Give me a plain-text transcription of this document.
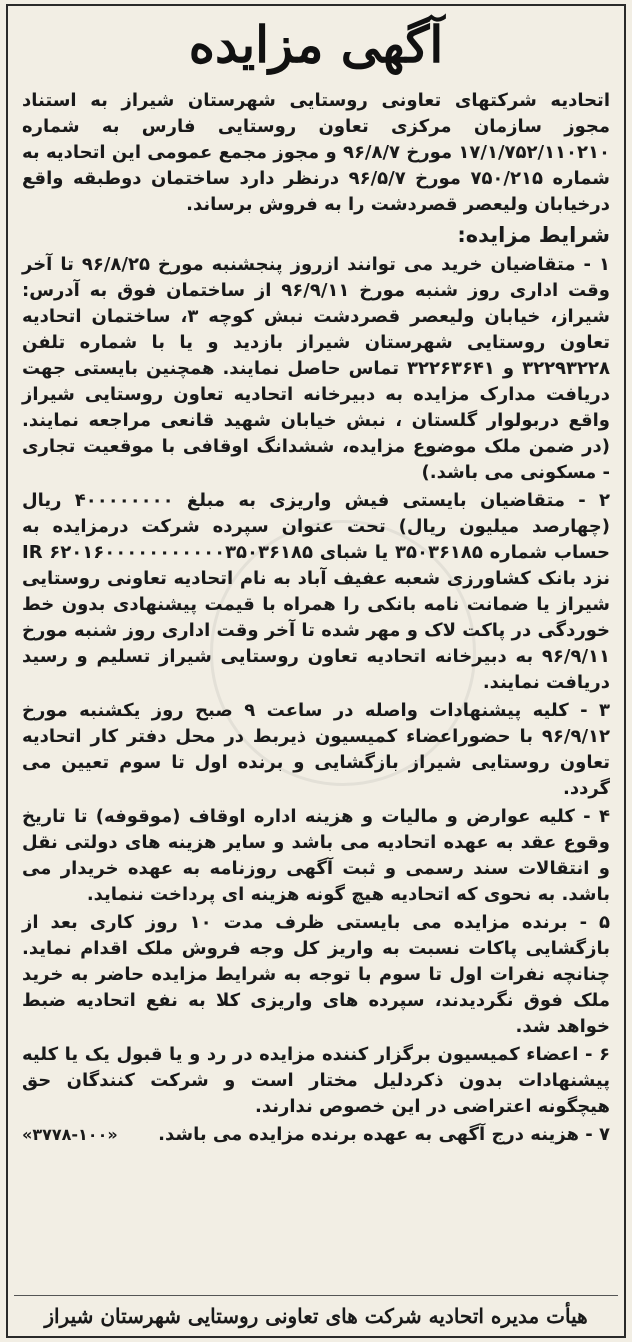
آگهی مزایده

اتحادیه شرکتهای تعاونی روستایی شهرستان شیراز به استناد مجوز سازمان مرکزی تعاون روستایی فارس به شماره ۱۷/۱/۷۵۲/۱۱۰۲۱۰ مورخ ۹۶/۸/۷ و مجوز مجمع عمومی این اتحادیه به شماره ۷۵۰/۲۱۵ مورخ ۹۶/۵/۷ درنظر دارد ساختمان دوطبقه واقع درخیابان ولیعصر قصردشت را به فروش برساند.

شرایط مزایده:

۱ - متقاضیان خرید می توانند ازروز پنجشنبه مورخ ۹۶/۸/۲۵ تا آخر وقت اداری روز شنبه مورخ ۹۶/۹/۱۱ از ساختمان فوق به آدرس: شیراز، خیابان ولیعصر قصردشت نبش کوچه ۳، ساختمان اتحادیه تعاون روستایی شهرستان شیراز بازدید و یا با شماره تلفن ۳۲۲۹۳۲۲۸ و ۳۲۲۶۳۶۴۱ تماس حاصل نمایند. همچنین بایستی جهت دریافت مدارک مزایده به دبیرخانه اتحادیه تعاون روستایی شیراز واقع دربولوار گلستان ، نبش خیابان شهید قانعی مراجعه نمایند. (در ضمن ملک موضوع مزایده، ششدانگ اوقافی با موقعیت تجاری - مسکونی می باشد.)

۲ - متقاضیان بایستی فیش واریزی به مبلغ ۴۰۰۰۰۰۰۰۰ ریال (چهارصد میلیون ریال) تحت عنوان سپرده شرکت درمزایده به حساب شماره ۳۵۰۳۶۱۸۵ یا شبای IR ۶۲۰۱۶۰۰۰۰۰۰۰۰۰۰۰۳۵۰۳۶۱۸۵ نزد بانک کشاورزی شعبه عفیف آباد به نام اتحادیه تعاونی روستایی شیراز یا ضمانت نامه بانکی را همراه با قیمت پیشنهادی بدون خط خوردگی در پاکت لاک و مهر شده تا آخر وقت اداری روز شنبه مورخ ۹۶/۹/۱۱ به دبیرخانه اتحادیه تعاون روستایی شیراز تسلیم و رسید دریافت نمایند.

۳ - کلیه پیشنهادات واصله در ساعت ۹ صبح روز یکشنبه مورخ ۹۶/۹/۱۲ با حضوراعضاء کمیسیون ذیربط در محل دفتر کار اتحادیه تعاون روستایی شیراز بازگشایی و برنده اول تا سوم تعیین می گردد.

۴ - کلیه عوارض و مالیات و هزینه اداره اوقاف (موقوفه) تا تاریخ وقوع عقد به عهده اتحادیه می باشد و سایر هزینه های دولتی نقل و انتقالات سند رسمی و ثبت آگهی روزنامه به عهده خریدار می باشد. به نحوی که اتحادیه هیچ گونه هزینه ای پرداخت ننماید.

۵ - برنده مزایده می بایستی ظرف مدت ۱۰ روز کاری بعد از بازگشایی پاکات نسبت به واریز کل وجه فروش ملک اقدام نماید. چنانچه نفرات اول تا سوم با توجه به شرایط مزایده حاضر به خرید ملک فوق نگردیدند، سپرده های واریزی کلا به نفع اتحادیه ضبط خواهد شد.

۶ - اعضاء کمیسیون برگزار کننده مزایده در رد و یا قبول یک یا کلیه پیشنهادات بدون ذکردلیل مختار است و شرکت کنندگان حق هیچگونه اعتراضی در این خصوص ندارند.

۷ - هزینه درج آگهی به عهده برنده مزایده می باشد.
«۳۷۷۸-۱۰۰»
هیأت مدیره اتحادیه شرکت های تعاونی روستایی شهرستان شیراز
